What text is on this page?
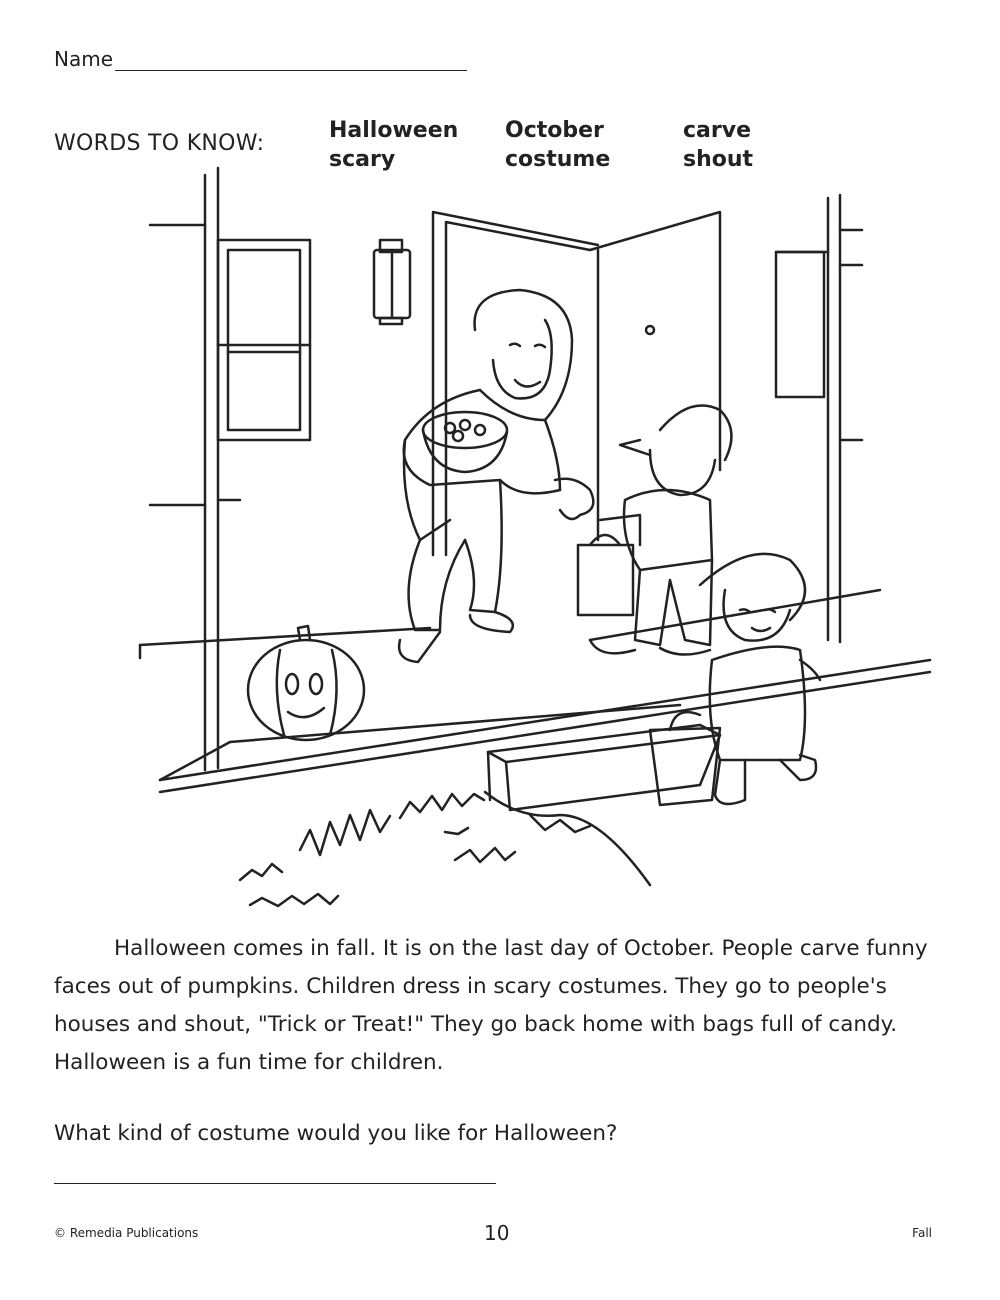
Name
WORDS TO KNOW:
Halloween
scary
October
costume
carve
shout

Halloween comes in fall. It is on the last day of October. People carve funny faces out of pumpkins. Children dress in scary costumes. They go to people's houses and shout, "Trick or Treat!" They go back home with bags full of candy. Halloween is a fun time for children.

What kind of costume would you like for Halloween?
© Remedia Publications	10	Fall
